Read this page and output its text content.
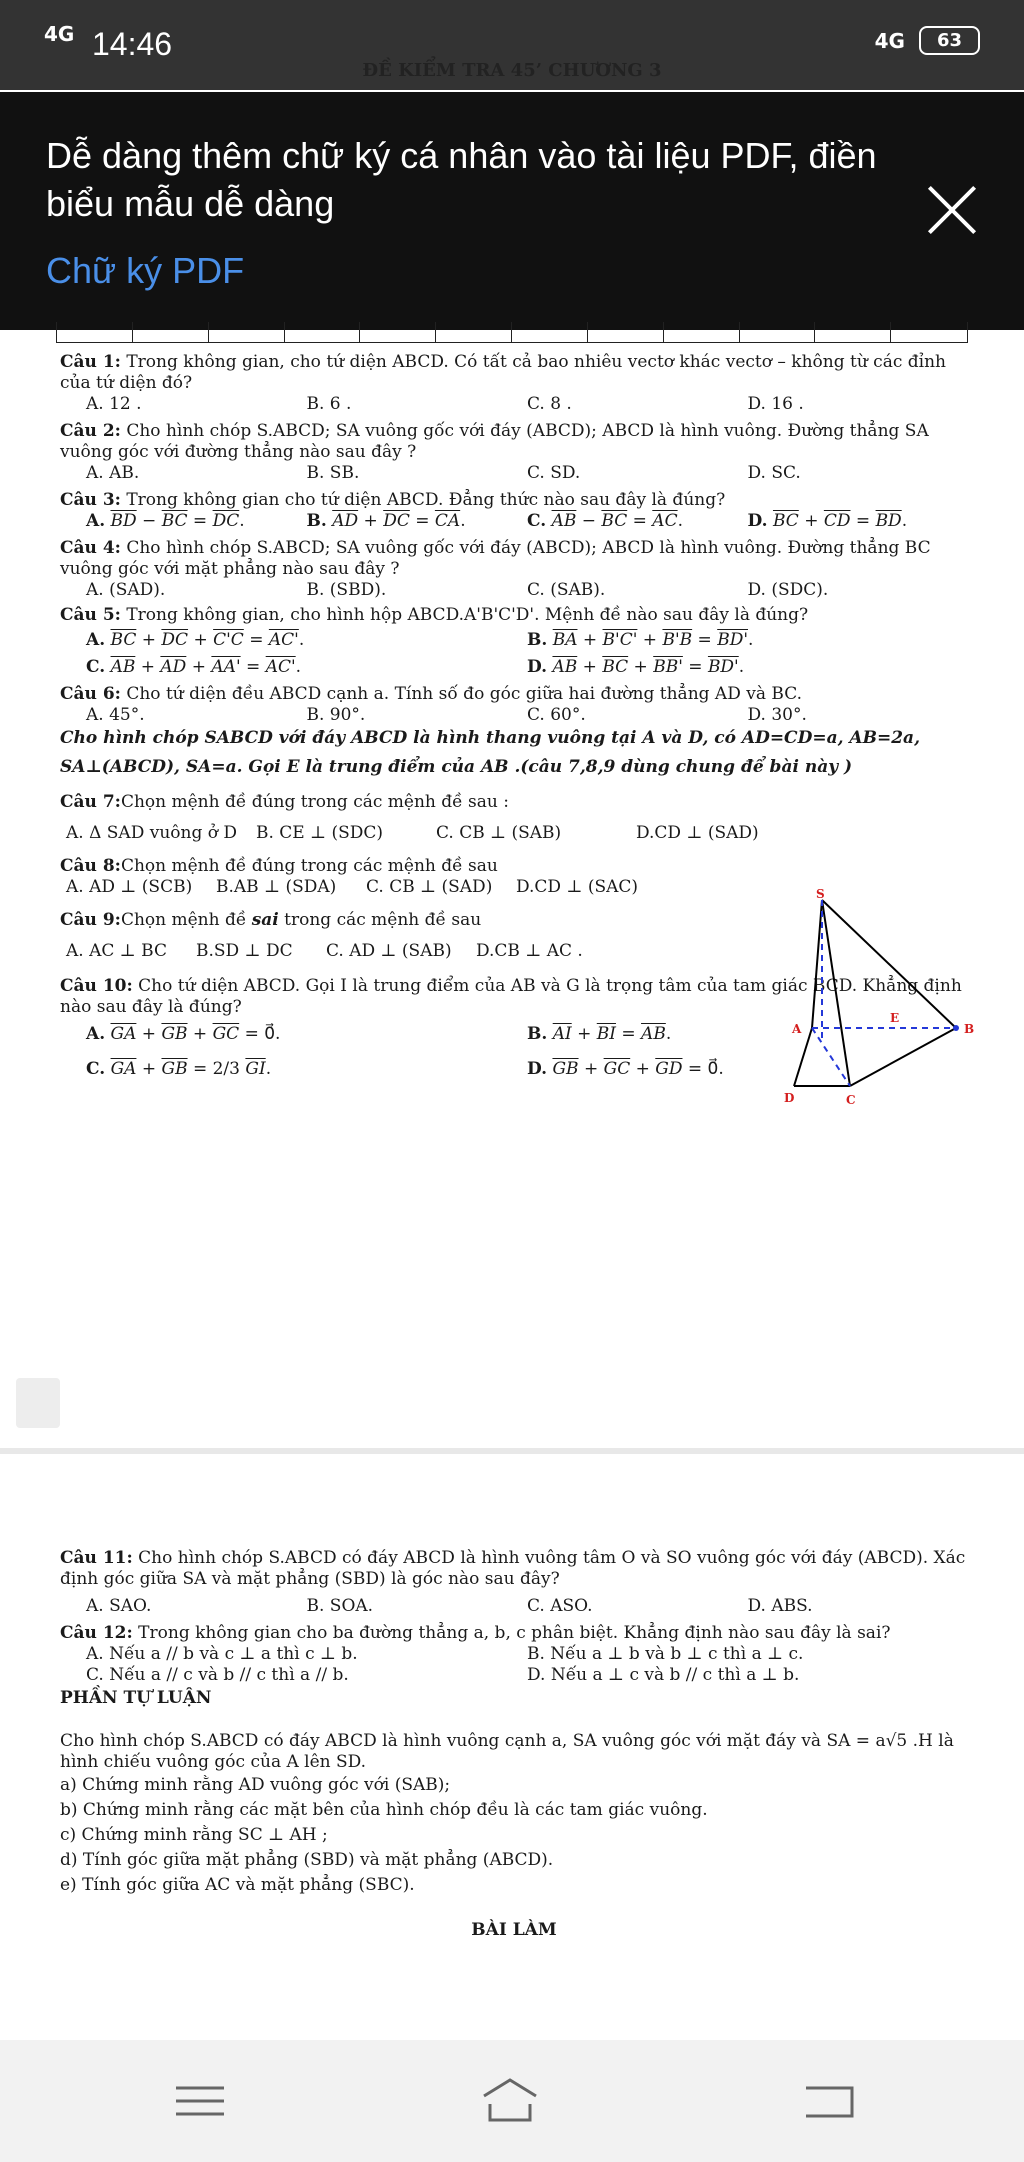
4G 14:46	4G	63
ĐỀ KIỂM TRA 45’ CHƯƠNG 3
Dễ dàng thêm chữ ký cá nhân vào tài liệu PDF, điền biểu mẫu dễ dàng
Chữ ký PDF

Câu 1: Trong không gian, cho tứ diện ABCD. Có tất cả bao nhiêu vectơ khác vectơ – không từ các đỉnh của tứ diện đó?

A. 12 .	B. 6 .	C. 8 .	D. 16 .

Câu 2: Cho hình chóp S.ABCD; SA vuông gốc với đáy (ABCD); ABCD là hình vuông. Đường thẳng SA vuông góc với đường thẳng nào sau đây ?

A. AB.	B. SB.	C. SD.	D. SC.

Câu 3: Trong không gian cho tứ diện ABCD. Đẳng thức nào sau đây là đúng?

A. $\overline{BD} - \overline{BC} = \overline{DC}$.	B. $\overline{AD} + \overline{DC} = \overline{CA}$.	C. $\overline{AB} - \overline{BC} = \overline{AC}$.	D. $\overline{BC} + \overline{CD} = \overline{BD}$.

Câu 4: Cho hình chóp S.ABCD; SA vuông gốc với đáy (ABCD); ABCD là hình vuông. Đường thẳng BC vuông góc với mặt phẳng nào sau đây ?

A. (SAD).	B. (SBD).	C. (SAB).	D. (SDC).

Câu 5: Trong không gian, cho hình hộp ABCD.A'B'C'D'. Mệnh đề nào sau đây là đúng?

A. $\overline{BC} + \overline{DC} + C'C = AC'$.	B. $\overline{BA} + B'C' + B'B = BD'$.
C. $\overline{AB} + \overline{AD} + AA' = AC'$.	D. $\overline{AB} + \overline{BC} + BB' = BD'$.

Câu 6: Cho tứ diện đều ABCD cạnh a. Tính số đo góc giữa hai đường thẳng AD và BC.

A. 45°.	B. 90°.	C. 60°.	D. 30°.

Cho hình chóp SABCD với đáy ABCD là hình thang vuông tại A và D, có AD=CD=a, AB=2a,

SA⊥(ABCD), SA=a. Gọi E là trung điểm của AB .(câu 7,8,9 dùng chung để bài này )

Câu 7:Chọn mệnh đề đúng trong các mệnh đề sau :

A. Δ SAD vuông ở D	B. CE ⊥ (SDC)	C. CB ⊥ (SAB)	D.CD ⊥ (SAD)

Câu 8:Chọn mệnh đề đúng trong các mệnh đề sau

A. AD ⊥ (SCB)	B.AB ⊥ (SDA)	C. CB ⊥ (SAD)	D.CD ⊥ (SAC)

Câu 9:Chọn mệnh đề sai trong các mệnh đề sau

A. AC ⊥ BC	B.SD ⊥ DC	C. AD ⊥ (SAB)	D.CB ⊥ AC .

Câu 10: Cho tứ diện ABCD. Gọi I là trung điểm của AB và G là trọng tâm của tam giác BCD. Khẳng định nào sau đây là đúng?

A. $\overline{GA} + \overline{GB} + \overline{GC}$ = 0⃗.	B. $\overline{AI} + \overline{BI} = \overline{AB}$.
C. $\overline{GA} + \overline{GB} = 2/3$ $\overline{GI}$.	D. $\overline{GB} + \overline{GC} + \overline{GD}$ = 0⃗.
S
A	B
C
D
E

Câu 11: Cho hình chóp S.ABCD có đáy ABCD là hình vuông tâm O và SO vuông góc với đáy (ABCD). Xác định góc giữa SA và mặt phẳng (SBD) là góc nào sau đây?

A. SAO.	B. SOA.	C. ASO.	D. ABS.

Câu 12: Trong không gian cho ba đường thẳng a, b, c phân biệt. Khẳng định nào sau đây là sai?

A. Nếu a // b và c ⊥ a thì c ⊥ b.	B. Nếu a ⊥ b và b ⊥ c thì a ⊥ c.
C. Nếu a // c và b // c thì a // b.	D. Nếu a ⊥ c và b // c thì a ⊥ b.

PHẦN TỰ LUẬN

Cho hình chóp S.ABCD có đáy ABCD là hình vuông cạnh a, SA vuông góc với mặt đáy và SA = a√5 .H là hình chiếu vuông góc của A lên SD.

a) Chứng minh rằng AD vuông góc với (SAB);

b) Chứng minh rằng các mặt bên của hình chóp đều là các tam giác vuông.

c) Chứng minh rằng SC ⊥ AH ;

d) Tính góc giữa mặt phẳng (SBD) và mặt phẳng (ABCD).

e) Tính góc giữa AC và mặt phẳng (SBC).

BÀI LÀM
